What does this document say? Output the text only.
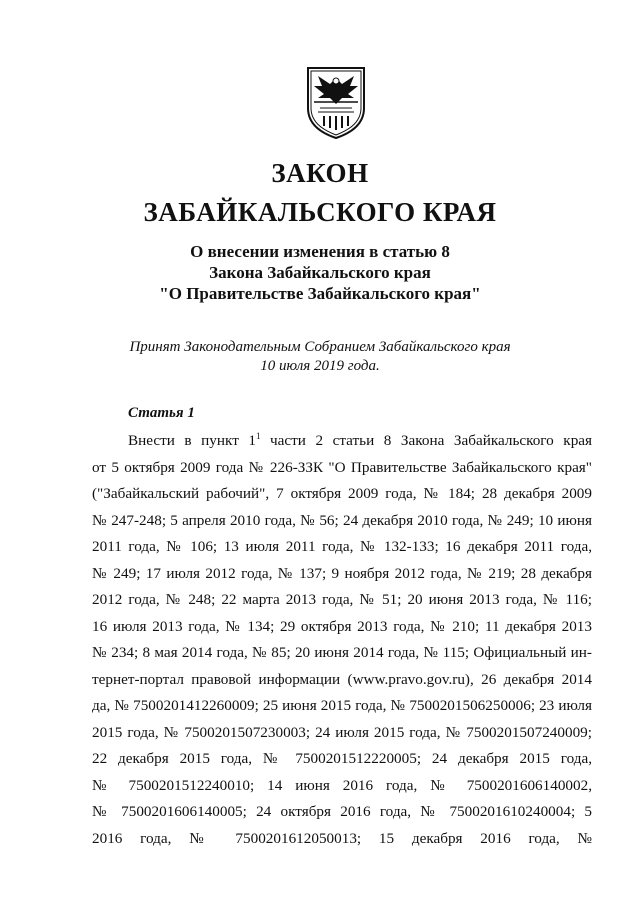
ЗАКОН
ЗАБАЙКАЛЬСКОГО КРАЯ
О внесении изменения в статью 8
Закона Забайкальского края
"О Правительстве Забайкальского края"
Принят Законодательным Собранием Забайкальского края
10 июля 2019 года.
Статья 1
Внести в пункт $1^1$ части 2 статьи 8 Закона Забайкальского края
от 5 октября 2009 года № 226-ЗЗК "О Правительстве Забайкальского края"
("Забайкальский рабочий", 7 октября 2009 года, № 184; 28 декабря 2009
№ 247-248; 5 апреля 2010 года, № 56; 24 декабря 2010 года, № 249; 10 июня
2011 года, № 106; 13 июля 2011 года, № 132-133; 16 декабря 2011 года,
№ 249; 17 июля 2012 года, № 137; 9 ноября 2012 года, № 219; 28 декабря
2012 года, № 248; 22 марта 2013 года, № 51; 20 июня 2013 года, № 116;
16 июля 2013 года, № 134; 29 октября 2013 года, № 210; 11 декабря 2013
№ 234; 8 мая 2014 года, № 85; 20 июня 2014 года, № 115; Официальный ин-
тернет-портал правовой информации (www.pravo.gov.ru), 26 декабря 2014
да, № 7500201412260009; 25 июня 2015 года, № 7500201506250006; 23 июля
2015 года, № 7500201507230003; 24 июля 2015 года, № 7500201507240009;
22 декабря 2015 года, № 7500201512220005; 24 декабря 2015 года,
№ 7500201512240010; 14 июня 2016 года, № 7500201606140002,
№ 7500201606140005; 24 октября 2016 года, № 7500201610240004; 5
2016 года, № 7500201612050013; 15 декабря 2016 года, №
